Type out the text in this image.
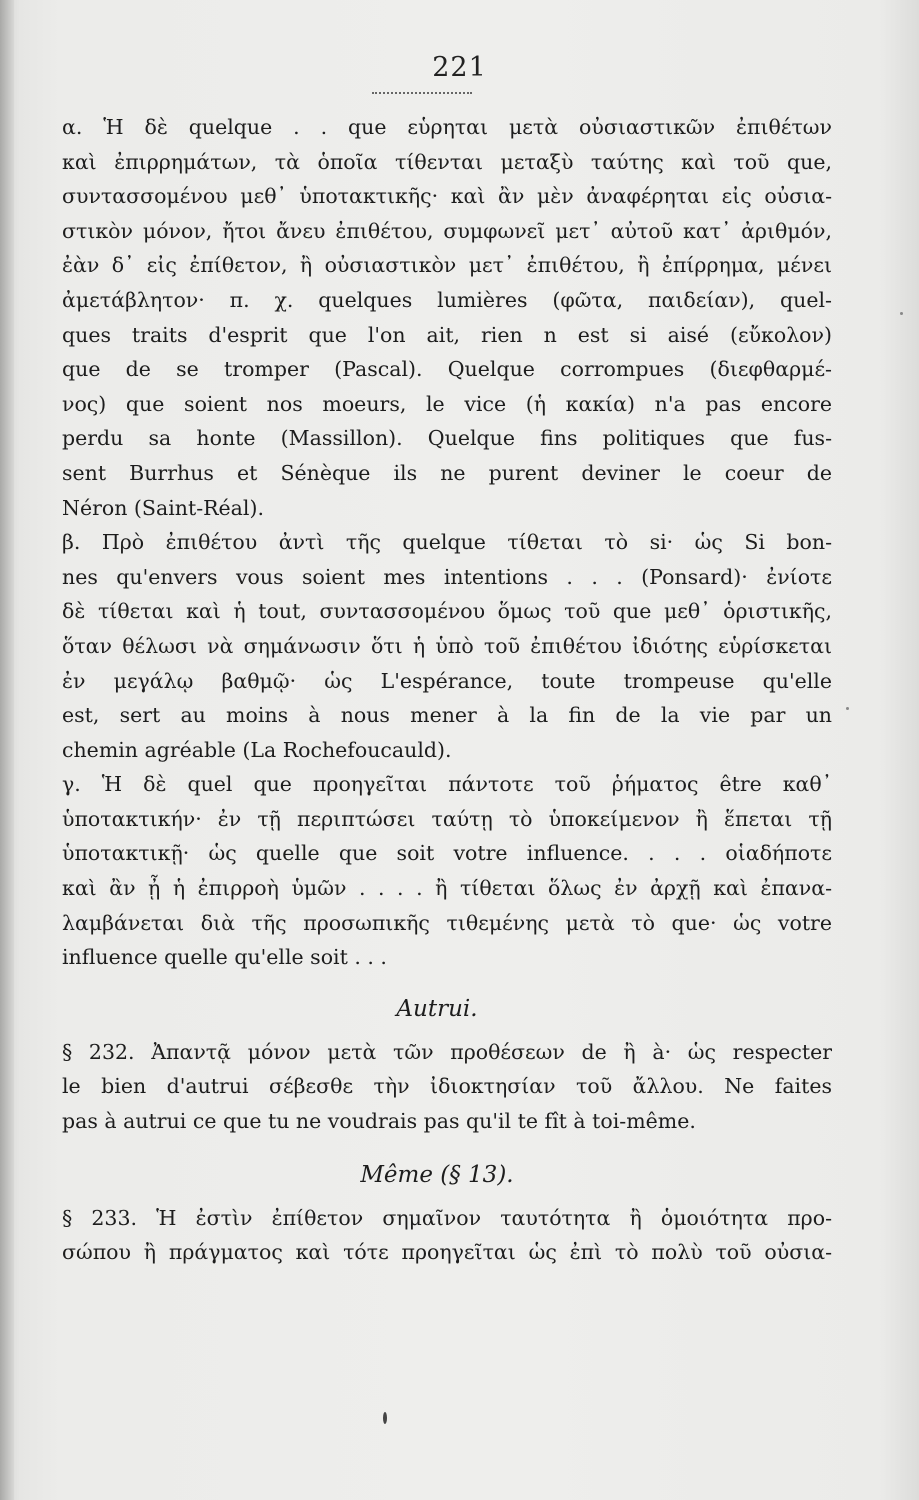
221
α. Ἡ δὲ quelque . . que εὑρηται μετὰ οὐσιαστικῶν ἐπιθέτων
καὶ ἐπιρρημάτων, τὰ ὁποῖα τίθενται μεταξὺ ταύτης καὶ τοῦ que,
συντασσομένου μεθ᾽ ὑποτακτικῆς· καὶ ἂν μὲν ἀναφέρηται εἰς οὐσια-
στικὸν μόνον, ἤτοι ἄνευ ἐπιθέτου, συμφωνεῖ μετ᾽ αὐτοῦ κατ᾽ ἀριθμόν,
ἐὰν δ᾽ εἰς ἐπίθετον, ἢ οὐσιαστικὸν μετ᾽ ἐπιθέτου, ἢ ἐπίρρημα, μένει
ἀμετάβλητον· π. χ. quelques lumières (φῶτα, παιδείαν), quel-
ques traits d'esprit que l'on ait, rien n est si aisé (εὔκολον)
que de se tromper (Pascal). Quelque corrompues (διεφθαρμέ-
νος) que soient nos moeurs, le vice (ἡ κακία) n'a pas encore
perdu sa honte (Massillon). Quelque fins politiques que fus-
sent Burrhus et Sénèque ils ne purent deviner le coeur de
Néron (Saint-Réal).
β. Πρὸ ἐπιθέτου ἀντὶ τῆς quelque τίθεται τὸ si· ὡς Si bon-
nes qu'envers vous soient mes intentions . . . (Ponsard)· ἐνίοτε
δὲ τίθεται καὶ ἡ tout, συντασσομένου ὅμως τοῦ que μεθ᾽ ὁριστικῆς,
ὅταν θέλωσι νὰ σημάνωσιν ὅτι ἡ ὑπὸ τοῦ ἐπιθέτου ἰδιότης εὑρίσκεται
ἐν μεγάλῳ βαθμῷ· ὡς L'espérance, toute trompeuse qu'elle
est, sert au moins à nous mener à la fin de la vie par un
chemin agréable (La Rochefoucauld).
γ. Ἡ δὲ quel que προηγεῖται πάντοτε τοῦ ῥήματος être καθ᾽
ὑποτακτικήν· ἐν τῇ περιπτώσει ταύτῃ τὸ ὑποκείμενον ἢ ἕπεται τῇ
ὑποτακτικῇ· ὡς quelle que soit votre influence. . . . οἱαδήποτε
καὶ ἂν ᾖ ἡ ἐπιρροὴ ὑμῶν . . . . ἢ τίθεται ὅλως ἐν ἀρχῇ καὶ ἐπανα-
λαμβάνεται διὰ τῆς προσωπικῆς τιθεμένης μετὰ τὸ que· ὡς votre
influence quelle qu'elle soit . . .
Autrui.
§ 232. Ἀπαντᾷ μόνον μετὰ τῶν προθέσεων de ἢ à· ὡς respecter
le bien d'autrui σέβεσθε τὴν ἰδιοκτησίαν τοῦ ἄλλου. Ne faites
pas à autrui ce que tu ne voudrais pas qu'il te fît à toi-même.
Même (§ 13).
§ 233. Ἡ ἐστὶν ἐπίθετον σημαῖνον ταυτότητα ἢ ὁμοιότητα προ-
σώπου ἢ πράγματος καὶ τότε προηγεῖται ὡς ἐπὶ τὸ πολὺ τοῦ οὐσια-
